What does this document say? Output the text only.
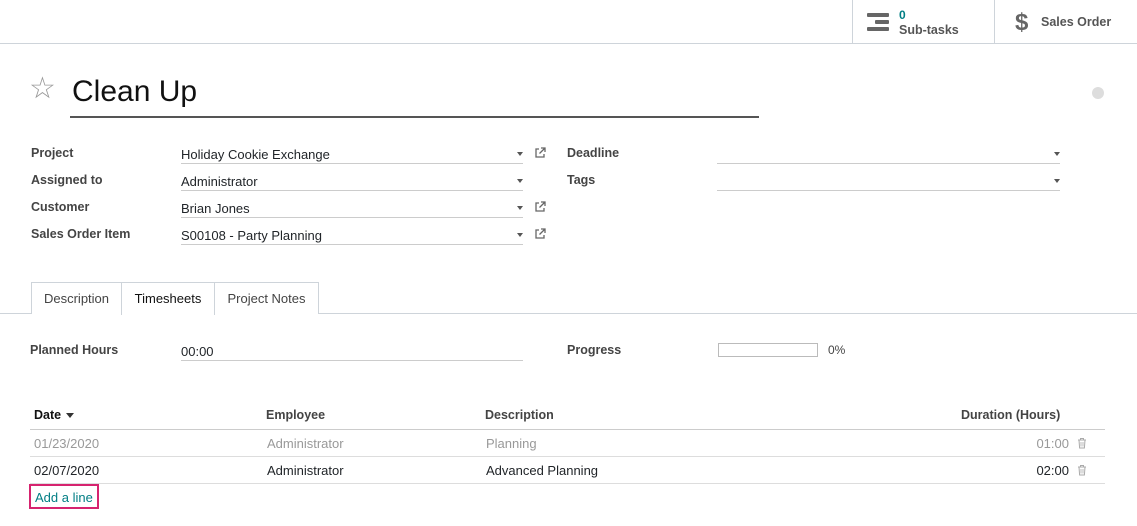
0
Sub-tasks $ Sales Order
☆ Clean Up
Project	Holiday Cookie Exchange
Assigned to	Administrator
Customer	Brian Jones
Sales Order Item	S00108 - Party Planning
Deadline
Tags
Description	Timesheets	Project Notes
Planned Hours	00:00	Progress	0%
Date	Employee	Description	Duration (Hours)
01/23/2020	Administrator	Planning	01:00
02/07/2020	Administrator	Advanced Planning	02:00
Add a line
